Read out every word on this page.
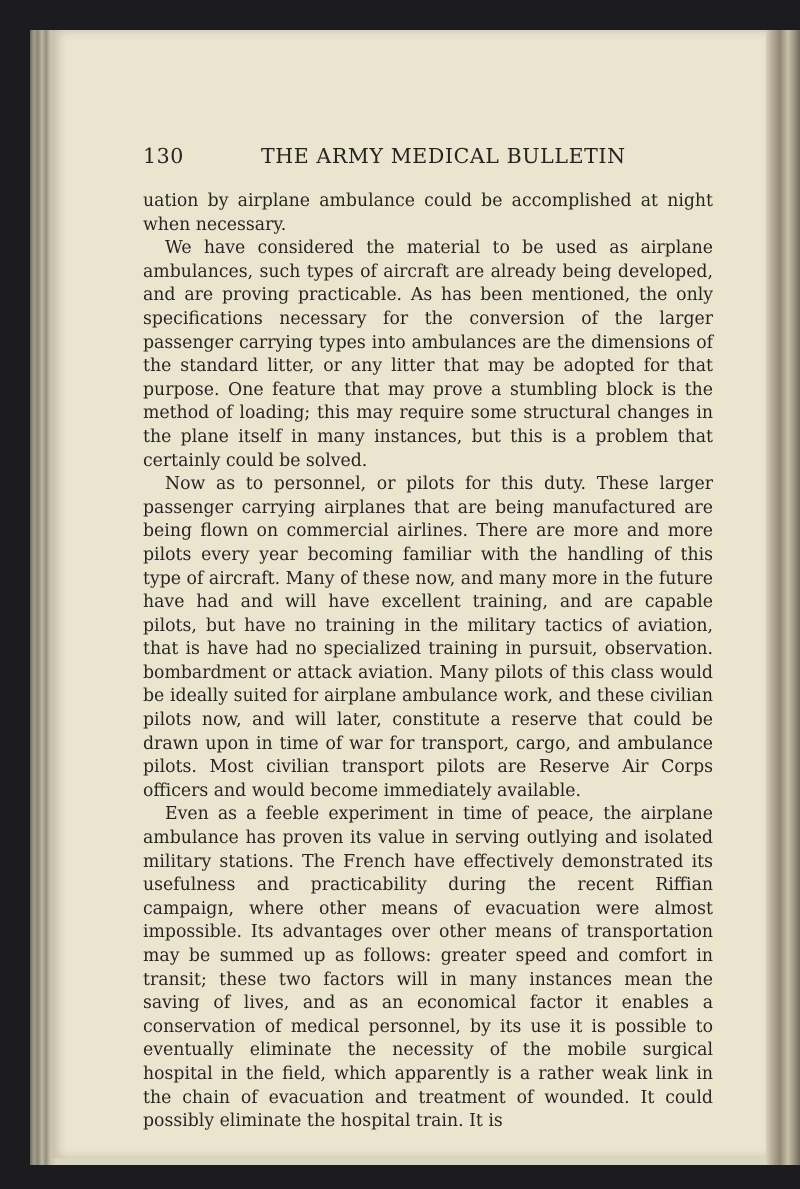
130	THE ARMY MEDICAL BULLETIN

uation by airplane ambulance could be accomplished at night when necessary.

We have considered the material to be used as airplane ambulances, such types of aircraft are already being developed, and are proving practicable. As has been mentioned, the only specifications necessary for the conversion of the larger passenger carrying types into ambulances are the dimensions of the standard litter, or any litter that may be adopted for that purpose. One feature that may prove a stumbling block is the method of loading; this may require some structural changes in the plane itself in many instances, but this is a problem that certainly could be solved.

Now as to personnel, or pilots for this duty. These larger passenger carrying airplanes that are being manufactured are being flown on commercial airlines. There are more and more pilots every year becoming familiar with the handling of this type of aircraft. Many of these now, and many more in the future have had and will have excellent training, and are capable pilots, but have no training in the military tactics of aviation, that is have had no specialized training in pursuit, observation. bombardment or attack aviation. Many pilots of this class would be ideally suited for airplane ambulance work, and these civilian pilots now, and will later, constitute a reserve that could be drawn upon in time of war for transport, cargo, and ambulance pilots. Most civilian transport pilots are Reserve Air Corps officers and would become immediately available.

Even as a feeble experiment in time of peace, the airplane ambulance has proven its value in serving outlying and isolated military stations. The French have effectively demonstrated its usefulness and practicability during the recent Riffian campaign, where other means of evacuation were almost impossible. Its advantages over other means of transportation may be summed up as follows: greater speed and comfort in transit; these two factors will in many instances mean the saving of lives, and as an economical factor it enables a conservation of medical personnel, by its use it is possible to eventually eliminate the necessity of the mobile surgical hospital in the field, which apparently is a rather weak link in the chain of evacuation and treatment of wounded. It could possibly eliminate the hospital train. It is
